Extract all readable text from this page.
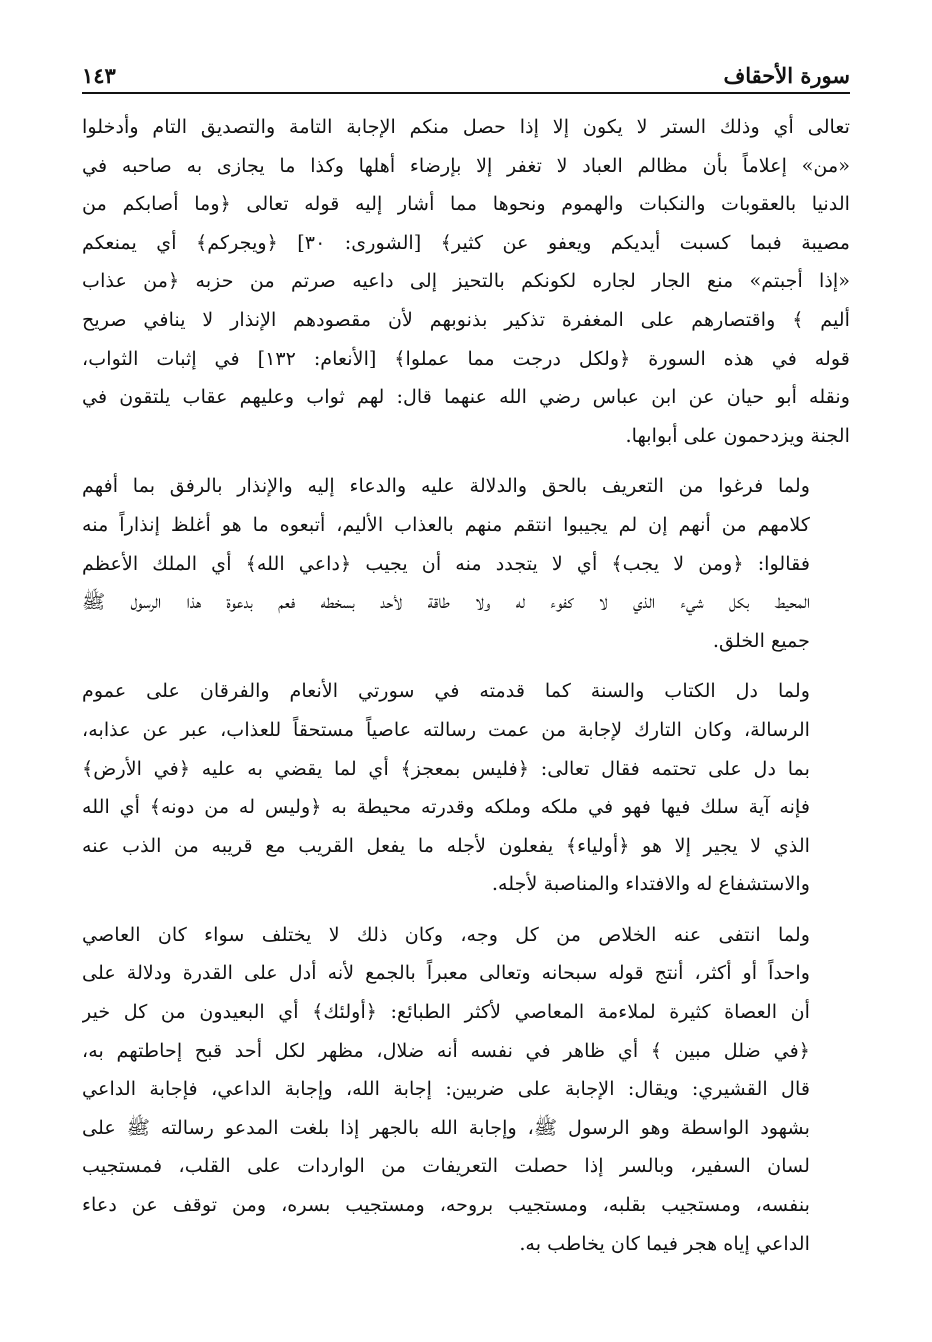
سورة الأحقاف
١٤٣

تعالى أي وذلك الستر لا يكون إلا إذا حصل منكم الإجابة التامة والتصديق التام وأدخلوا
«من» إعلاماً بأن مظالم العباد لا تغفر إلا بإرضاء أهلها وكذا ما يجازى به صاحبه في
الدنيا بالعقوبات والنكبات والهموم ونحوها مما أشار إليه قوله تعالى ﴿وما أصابكم من
مصيبة فبما كسبت أيديكم ويعفو عن كثير﴾ [الشورى: ٣٠] ﴿ويجركم﴾ أي يمنعكم
«إذا أجبتم» منع الجار لجاره لكونكم بالتحيز إلى داعيه صرتم من حزبه ﴿من عذاب
أليم ﴾ واقتصارهم على المغفرة تذكير بذنوبهم لأن مقصودهم الإنذار لا ينافي صريح
قوله في هذه السورة ﴿ولكل درجت مما عملوا﴾ [الأنعام: ١٣٢] في إثبات الثواب،
ونقله أبو حيان عن ابن عباس رضي الله عنهما قال: لهم ثواب وعليهم عقاب يلتقون في
الجنة ويزدحمون على أبوابها.

ولما فرغوا من التعريف بالحق والدلالة عليه والدعاء إليه والإنذار بالرفق بما أفهم
كلامهم من أنهم إن لم يجيبوا انتقم منهم بالعذاب الأليم، أتبعوه ما هو أغلظ إنذاراً منه
فقالوا: ﴿ومن لا يجب﴾ أي لا يتجدد منه أن يجيب ﴿داعي الله﴾ أي الملك الأعظم
المحيط بكل شيء الذي لا كفوء له ولا طاقة لأحد بسخطه فعم بدعوة هذا الرسول ﷺ
جميع الخلق.

ولما دل الكتاب والسنة كما قدمته في سورتي الأنعام والفرقان على عموم
الرسالة، وكان التارك لإجابة من عمت رسالته عاصياً مستحقاً للعذاب، عبر عن عذابه،
بما دل على تحتمه فقال تعالى: ﴿فليس بمعجز﴾ أي لما يقضي به عليه ﴿في الأرض﴾
فإنه آية سلك فيها فهو في ملكه وملكه وقدرته محيطة به ﴿وليس له من دونه﴾ أي الله
الذي لا يجير إلا هو ﴿أولياء﴾ يفعلون لأجله ما يفعل القريب مع قريبه من الذب عنه
والاستشفاع له والافتداء والمناصبة لأجله.

ولما انتفى عنه الخلاص من كل وجه، وكان ذلك لا يختلف سواء كان العاصي
واحداً أو أكثر، أنتج قوله سبحانه وتعالى معبراً بالجمع لأنه أدل على القدرة ودلالة على
أن العصاة كثيرة لملاءمة المعاصي لأكثر الطبائع: ﴿أولئك﴾ أي البعيدون من كل خير
﴿في ضلل مبين ﴾ أي ظاهر في نفسه أنه ضلال، مظهر لكل أحد قبح إحاطتهم به،
قال القشيري: ويقال: الإجابة على ضربين: إجابة الله، وإجابة الداعي، فإجابة الداعي
بشهود الواسطة وهو الرسول ﷺ، وإجابة الله بالجهر إذا بلغت المدعو رسالته ﷺ على
لسان السفير، وبالسر إذا حصلت التعريفات من الواردات على القلب، فمستجيب
بنفسه، ومستجيب بقلبه، ومستجيب بروحه، ومستجيب بسره، ومن توقف عن دعاء
الداعي إياه هجر فيما كان يخاطب به.
